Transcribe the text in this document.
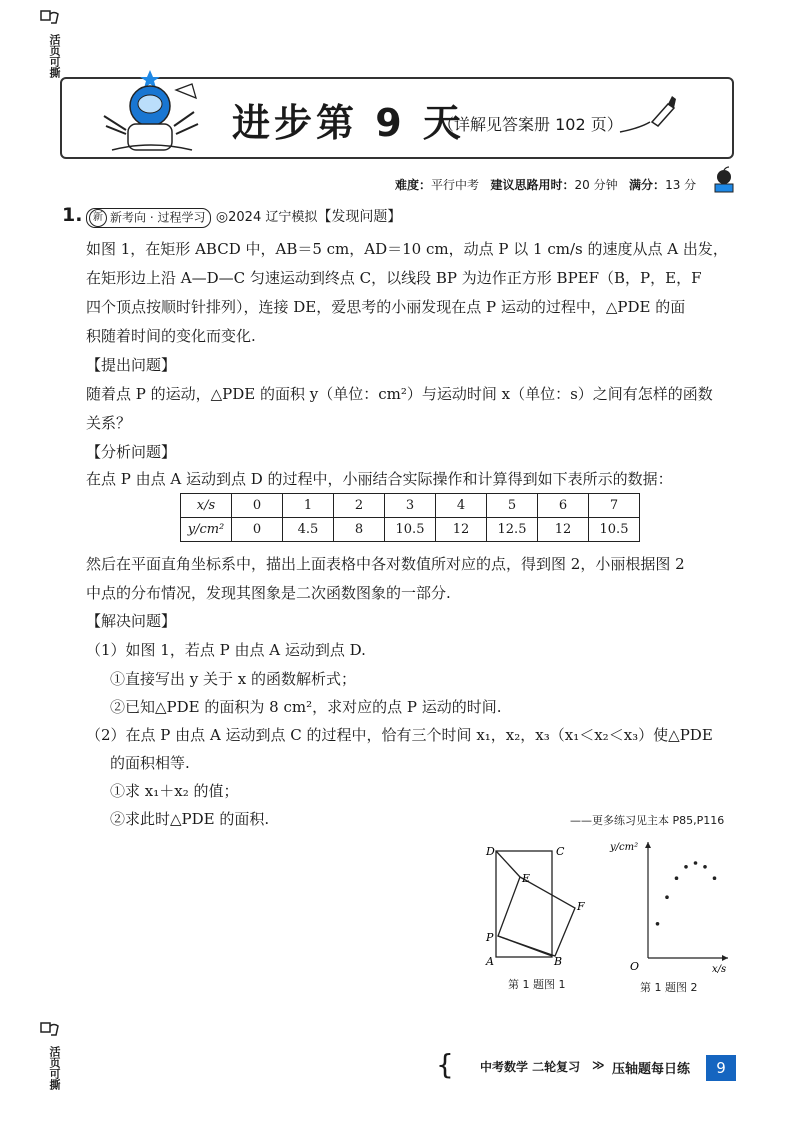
活页可撕
活页可撕
进步第 9 天
（详解见答案册 102 页）
难度：平行中考 建议思路用时：20 分钟 满分：13 分
1.	新 新考向 · 过程学习 ◎2024 辽宁模拟【发现问题】
如图 1，在矩形 ABCD 中，AB＝5 cm，AD＝10 cm，动点 P 以 1 cm/s 的速度从点 A 出发，
在矩形边上沿 A—D—C 匀速运动到终点 C，以线段 BP 为边作正方形 BPEF（B，P，E，F
四个顶点按顺时针排列），连接 DE，爱思考的小丽发现在点 P 运动的过程中，△PDE 的面
积随着时间的变化而变化.
【提出问题】
随着点 P 的运动，△PDE 的面积 y（单位：cm²）与运动时间 x（单位：s）之间有怎样的函数
关系？
【分析问题】
在点 P 由点 A 运动到点 D 的过程中，小丽结合实际操作和计算得到如下表所示的数据：
x/s	0	1	2	3	4	5	6	7
y/cm²	0	4.5	8	10.5	12	12.5	12	10.5
然后在平面直角坐标系中，描出上面表格中各对数值所对应的点，得到图 2，小丽根据图 2
中点的分布情况，发现其图象是二次函数图象的一部分.
【解决问题】
（1）如图 1，若点 P 由点 A 运动到点 D.
①直接写出 y 关于 x 的函数解析式；
②已知△PDE 的面积为 8 cm²，求对应的点 P 运动的时间.
（2）在点 P 由点 A 运动到点 C 的过程中，恰有三个时间 x₁，x₂，x₃（x₁＜x₂＜x₃）使△PDE
的面积相等.
①求 x₁＋x₂ 的值；
②求此时△PDE 的面积.	——更多练习见主本 P85,P116
D	C
E
F
P
A	B
第 1 题图 1
y/cm²
x/s
O
第 1 题图 2
{ 中考数学 二轮复习 ≫ 压轴题每日练	9
